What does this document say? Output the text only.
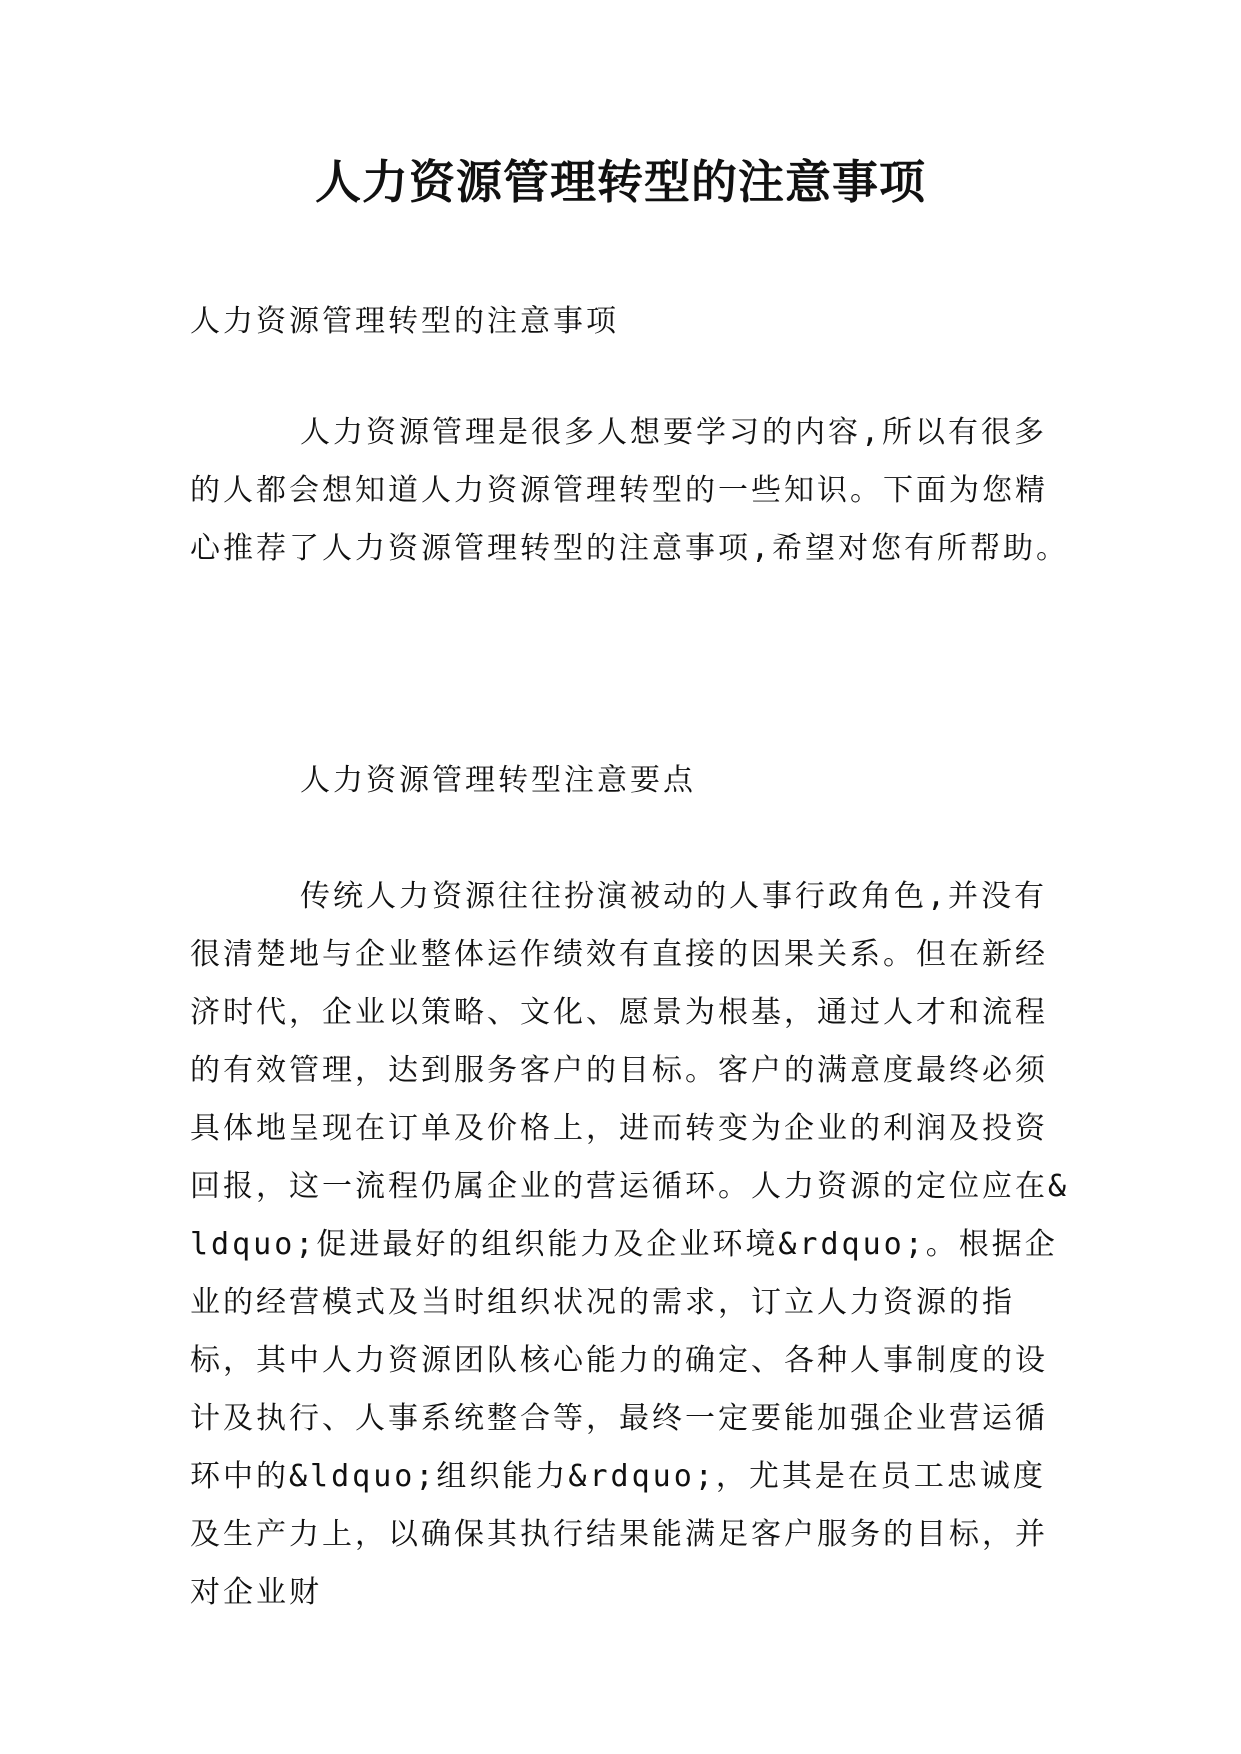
人力资源管理转型的注意事项

人力资源管理转型的注意事项

人力资源管理是很多人想要学习的内容,所以有很多的人都会想知道人力资源管理转型的一些知识。下面为您精心推荐了人力资源管理转型的注意事项,希望对您有所帮助。

人力资源管理转型注意要点

传统人力资源往往扮演被动的人事行政角色,并没有很清楚地与企业整体运作绩效有直接的因果关系。但在新经济时代，企业以策略、文化、愿景为根基，通过人才和流程的有效管理，达到服务客户的目标。客户的满意度最终必须具体地呈现在订单及价格上，进而转变为企业的利润及投资回报，这一流程仍属企业的营运循环。人力资源的定位应在&ldquo;促进最好的组织能力及企业环境&rdquo;。根据企业的经营模式及当时组织状况的需求，订立人力资源的指标，其中人力资源团队核心能力的确定、各种人事制度的设计及执行、人事系统整合等，最终一定要能加强企业营运循环中的&ldquo;组织能力&rdquo;，尤其是在员工忠诚度及生产力上，以确保其执行结果能满足客户服务的目标，并对企业财
